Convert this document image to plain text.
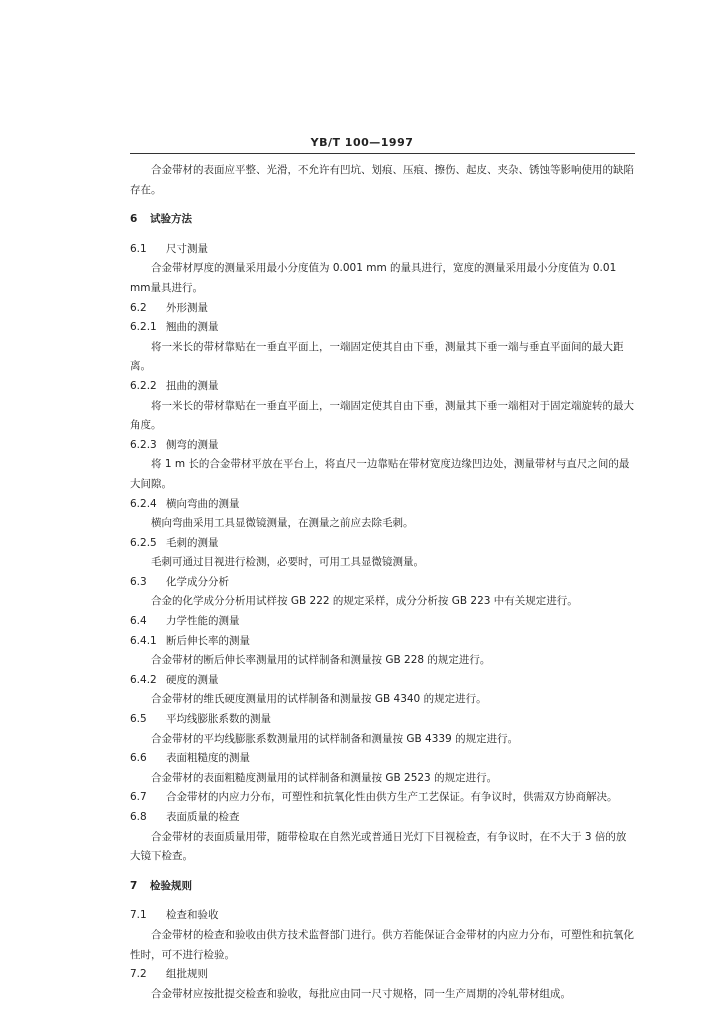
YB/T 100—1997

合金带材的表面应平整、光滑，不允许有凹坑、划痕、压痕、擦伤、起皮、夹杂、锈蚀等影响使用的缺陷存在。

6 试验方法

6.1 尺寸测量

合金带材厚度的测量采用最小分度值为 0.001 mm 的量具进行，宽度的测量采用最小分度值为 0.01 mm量具进行。

6.2 外形测量

6.2.1 翘曲的测量

将一米长的带材靠贴在一垂直平面上，一端固定使其自由下垂，测量其下垂一端与垂直平面间的最大距离。

6.2.2 扭曲的测量

将一米长的带材靠贴在一垂直平面上，一端固定使其自由下垂，测量其下垂一端相对于固定端旋转的最大角度。

6.2.3 侧弯的测量

将 1 m 长的合金带材平放在平台上，将直尺一边靠贴在带材宽度边缘凹边处，测量带材与直尺之间的最大间隙。

6.2.4 横向弯曲的测量

横向弯曲采用工具显微镜测量，在测量之前应去除毛刺。

6.2.5 毛刺的测量

毛刺可通过目视进行检测，必要时，可用工具显微镜测量。

6.3 化学成分分析

合金的化学成分分析用试样按 GB 222 的规定采样，成分分析按 GB 223 中有关规定进行。

6.4 力学性能的测量

6.4.1 断后伸长率的测量

合金带材的断后伸长率测量用的试样制备和测量按 GB 228 的规定进行。

6.4.2 硬度的测量

合金带材的维氏硬度测量用的试样制备和测量按 GB 4340 的规定进行。

6.5 平均线膨胀系数的测量

合金带材的平均线膨胀系数测量用的试样制备和测量按 GB 4339 的规定进行。

6.6 表面粗糙度的测量

合金带材的表面粗糙度测量用的试样制备和测量按 GB 2523 的规定进行。

6.7 合金带材的内应力分布，可塑性和抗氧化性由供方生产工艺保证。有争议时，供需双方协商解决。

6.8 表面质量的检查

合金带材的表面质量用带，随带检取在自然光或普通日光灯下目视检查，有争议时，在不大于 3 倍的放大镜下检查。

7 检验规则

7.1 检查和验收

合金带材的检查和验收由供方技术监督部门进行。供方若能保证合金带材的内应力分布，可塑性和抗氧化性时，可不进行检验。

7.2 组批规则

合金带材应按批提交检查和验收，每批应由同一尺寸规格，同一生产周期的冷轧带材组成。
